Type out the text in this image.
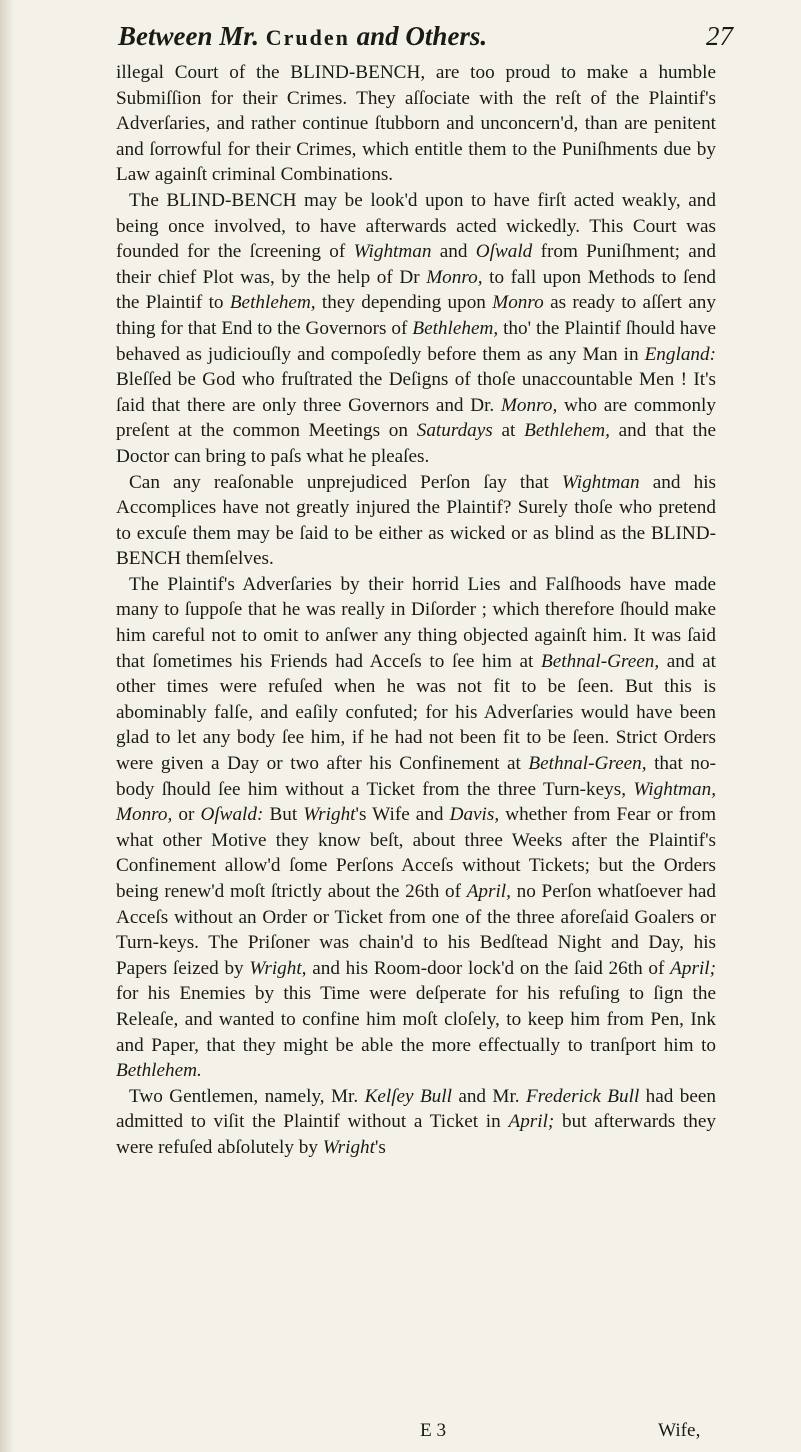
Between Mr. Cruden and Others.	27

illegal Court of the BLIND-BENCH, are too proud to make a humble Submiſſion for their Crimes. They aſſociate with the reſt of the Plaintif's Adverſaries, and rather continue ſtubborn and unconcern'd, than are penitent and ſorrowful for their Crimes, which entitle them to the Puniſhments due by Law againſt criminal Combinations.

The BLIND-BENCH may be look'd upon to have firſt acted weakly, and being once involved, to have afterwards acted wickedly. This Court was founded for the ſcreening of Wightman and Oſwald from Puniſhment; and their chief Plot was, by the help of Dr Monro, to fall upon Methods to ſend the Plaintif to Bethlehem, they depending upon Monro as ready to aſſert any thing for that End to the Governors of Bethlehem, tho' the Plaintif ſhould have behaved as judiciouſly and compoſedly before them as any Man in England: Bleſſed be God who fruſtrated the Deſigns of thoſe unaccountable Men ! It's ſaid that there are only three Governors and Dr. Monro, who are commonly preſent at the common Meetings on Saturdays at Bethlehem, and that the Doctor can bring to paſs what he pleaſes.

Can any reaſonable unprejudiced Perſon ſay that Wightman and his Accomplices have not greatly injured the Plaintif? Surely thoſe who pretend to excuſe them may be ſaid to be either as wicked or as blind as the BLIND-BENCH themſelves.

The Plaintif's Adverſaries by their horrid Lies and Falſhoods have made many to ſuppoſe that he was really in Diſorder ; which therefore ſhould make him careful not to omit to anſwer any thing objected againſt him. It was ſaid that ſometimes his Friends had Acceſs to ſee him at Bethnal-Green, and at other times were refuſed when he was not fit to be ſeen. But this is abominably falſe, and eaſily confuted; for his Adverſaries would have been glad to let any body ſee him, if he had not been fit to be ſeen. Strict Orders were given a Day or two after his Confinement at Bethnal-Green, that no-body ſhould ſee him without a Ticket from the three Turn-keys, Wightman, Monro, or Oſwald: But Wright's Wife and Davis, whether from Fear or from what other Motive they know beſt, about three Weeks after the Plaintif's Confinement allow'd ſome Perſons Acceſs without Tickets; but the Orders being renew'd moſt ſtrictly about the 26th of April, no Perſon whatſoever had Acceſs without an Order or Ticket from one of the three aforeſaid Goalers or Turn-keys. The Priſoner was chain'd to his Bedſtead Night and Day, his Papers ſeized by Wright, and his Room-door lock'd on the ſaid 26th of April; for his Enemies by this Time were deſperate for his refuſing to ſign the Releaſe, and wanted to confine him moſt cloſely, to keep him from Pen, Ink and Paper, that they might be able the more effectually to tranſport him to Bethlehem.

Two Gentlemen, namely, Mr. Kelſey Bull and Mr. Frederick Bull had been admitted to viſit the Plaintif without a Ticket in April; but afterwards they were refuſed abſolutely by Wright's

E 3	Wife,
